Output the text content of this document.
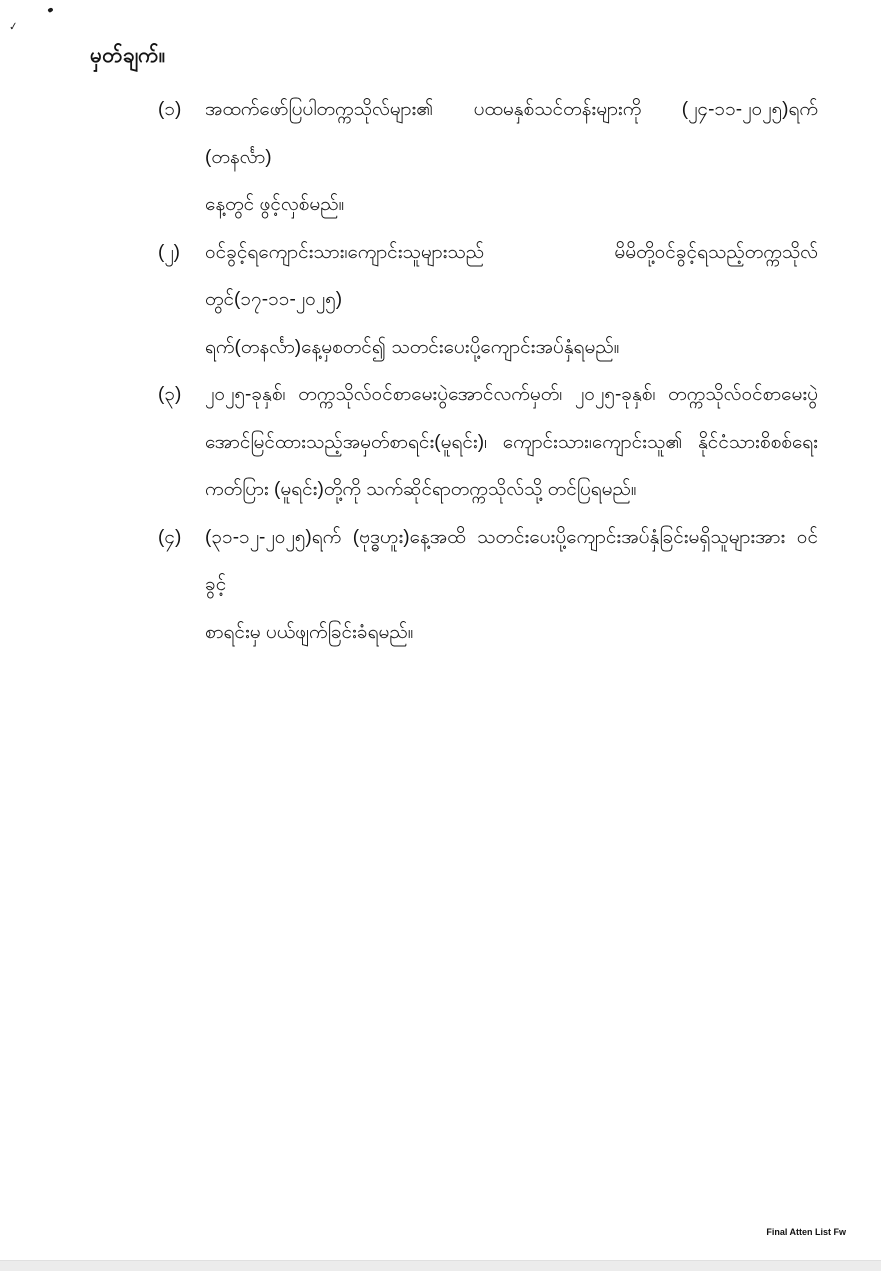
✓
မှတ်ချက်။
(၁)	အထက်ဖော်ပြပါတက္ကသိုလ်များ၏ ပထမနှစ်သင်တန်းများကို (၂၄-၁၁-၂၀၂၅)ရက် (တနင်္လာ)
နေ့တွင် ဖွင့်လှစ်မည်။
(၂)	ဝင်ခွင့်ရကျောင်းသား၊ကျောင်းသူများသည် မိမိတို့ဝင်ခွင့်ရသည့်တက္ကသိုလ်တွင်(၁၇-၁၁-၂၀၂၅)
ရက်(တနင်္လာ)နေ့မှစတင်၍ သတင်းပေးပို့ကျောင်းအပ်နှံရမည်။
(၃)	၂၀၂၅-ခုနှစ်၊ တက္ကသိုလ်ဝင်စာမေးပွဲအောင်လက်မှတ်၊ ၂၀၂၅-ခုနှစ်၊ တက္ကသိုလ်ဝင်စာမေးပွဲ
အောင်မြင်ထားသည့်အမှတ်စာရင်း(မူရင်း)၊ ကျောင်းသား၊ကျောင်းသူ၏ နိုင်ငံသားစိစစ်ရေး
ကတ်ပြား (မူရင်း)တို့ကို သက်ဆိုင်ရာတက္ကသိုလ်သို့ တင်ပြရမည်။
(၄)	(၃၁-၁၂-၂၀၂၅)ရက် (ဗုဒ္ဓဟူး)နေ့အထိ သတင်းပေးပို့ကျောင်းအပ်နှံခြင်းမရှိသူများအား ဝင်ခွင့်
စာရင်းမှ ပယ်ဖျက်ခြင်းခံရမည်။
Final Atten List Fw
